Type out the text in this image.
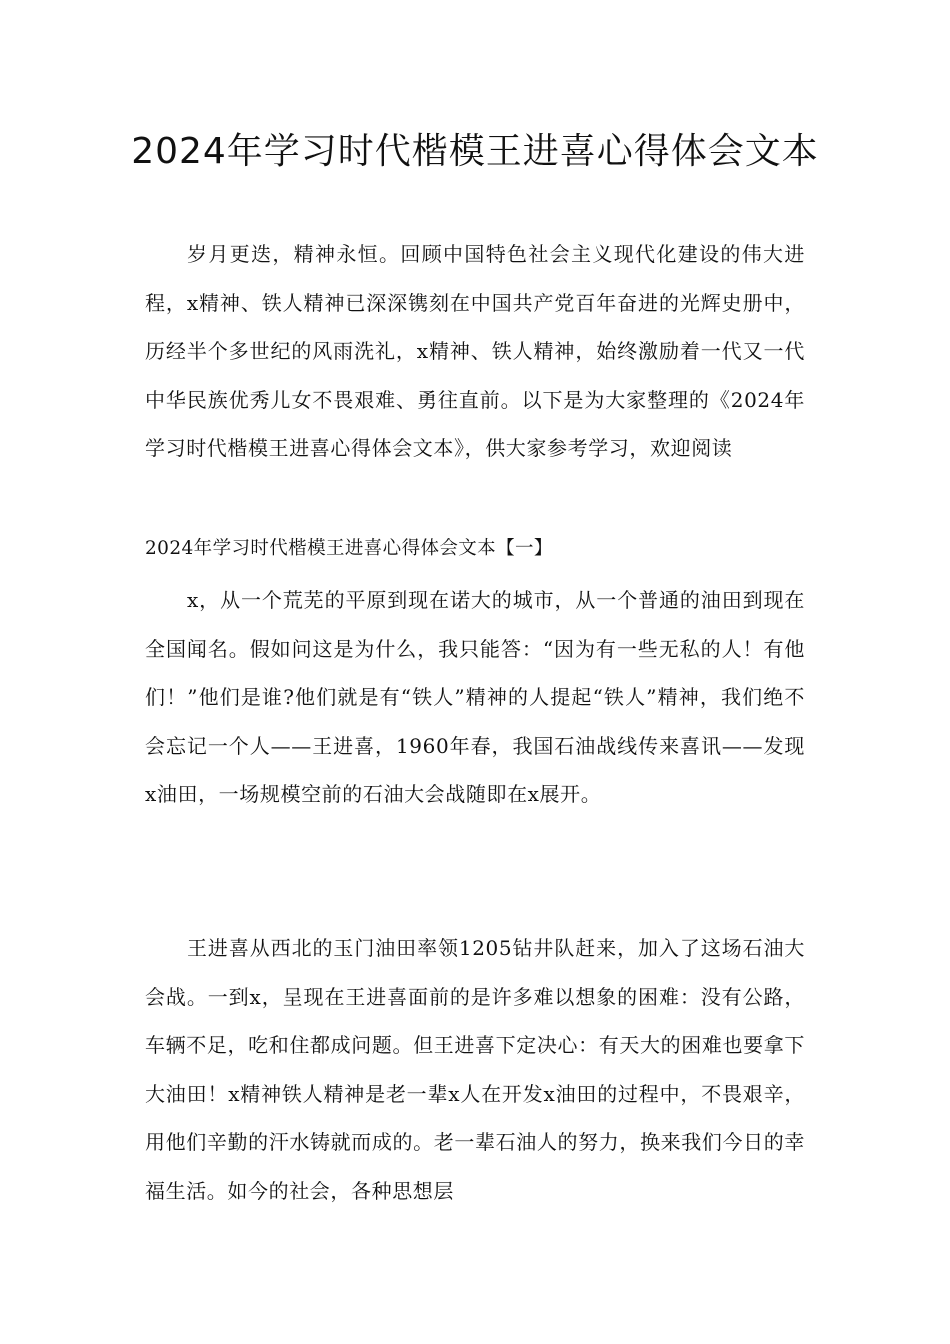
2024年学习时代楷模王进喜心得体会文本

岁月更迭，精神永恒。回顾中国特色社会主义现代化建设的伟大进程，x精神、铁人精神已深深镌刻在中国共产党百年奋进的光辉史册中，历经半个多世纪的风雨洗礼，x精神、铁人精神，始终激励着一代又一代中华民族优秀儿女不畏艰难、勇往直前。以下是为大家整理的《2024年学习时代楷模王进喜心得体会文本》，供大家参考学习，欢迎阅读

2024年学习时代楷模王进喜心得体会文本【一】

x，从一个荒芜的平原到现在诺大的城市，从一个普通的油田到现在全国闻名。假如问这是为什么，我只能答：“因为有一些无私的人！有他们！”他们是谁?他们就是有“铁人”精神的人提起“铁人”精神，我们绝不会忘记一个人——王进喜，1960年春，我国石油战线传来喜讯——发现x油田，一场规模空前的石油大会战随即在x展开。

王进喜从西北的玉门油田率领1205钻井队赶来，加入了这场石油大会战。一到x，呈现在王进喜面前的是许多难以想象的困难：没有公路，车辆不足，吃和住都成问题。但王进喜下定决心：有天大的困难也要拿下大油田！x精神铁人精神是老一辈x人在开发x油田的过程中，不畏艰辛，用他们辛勤的汗水铸就而成的。老一辈石油人的努力，换来我们今日的幸福生活。如今的社会，各种思想层
